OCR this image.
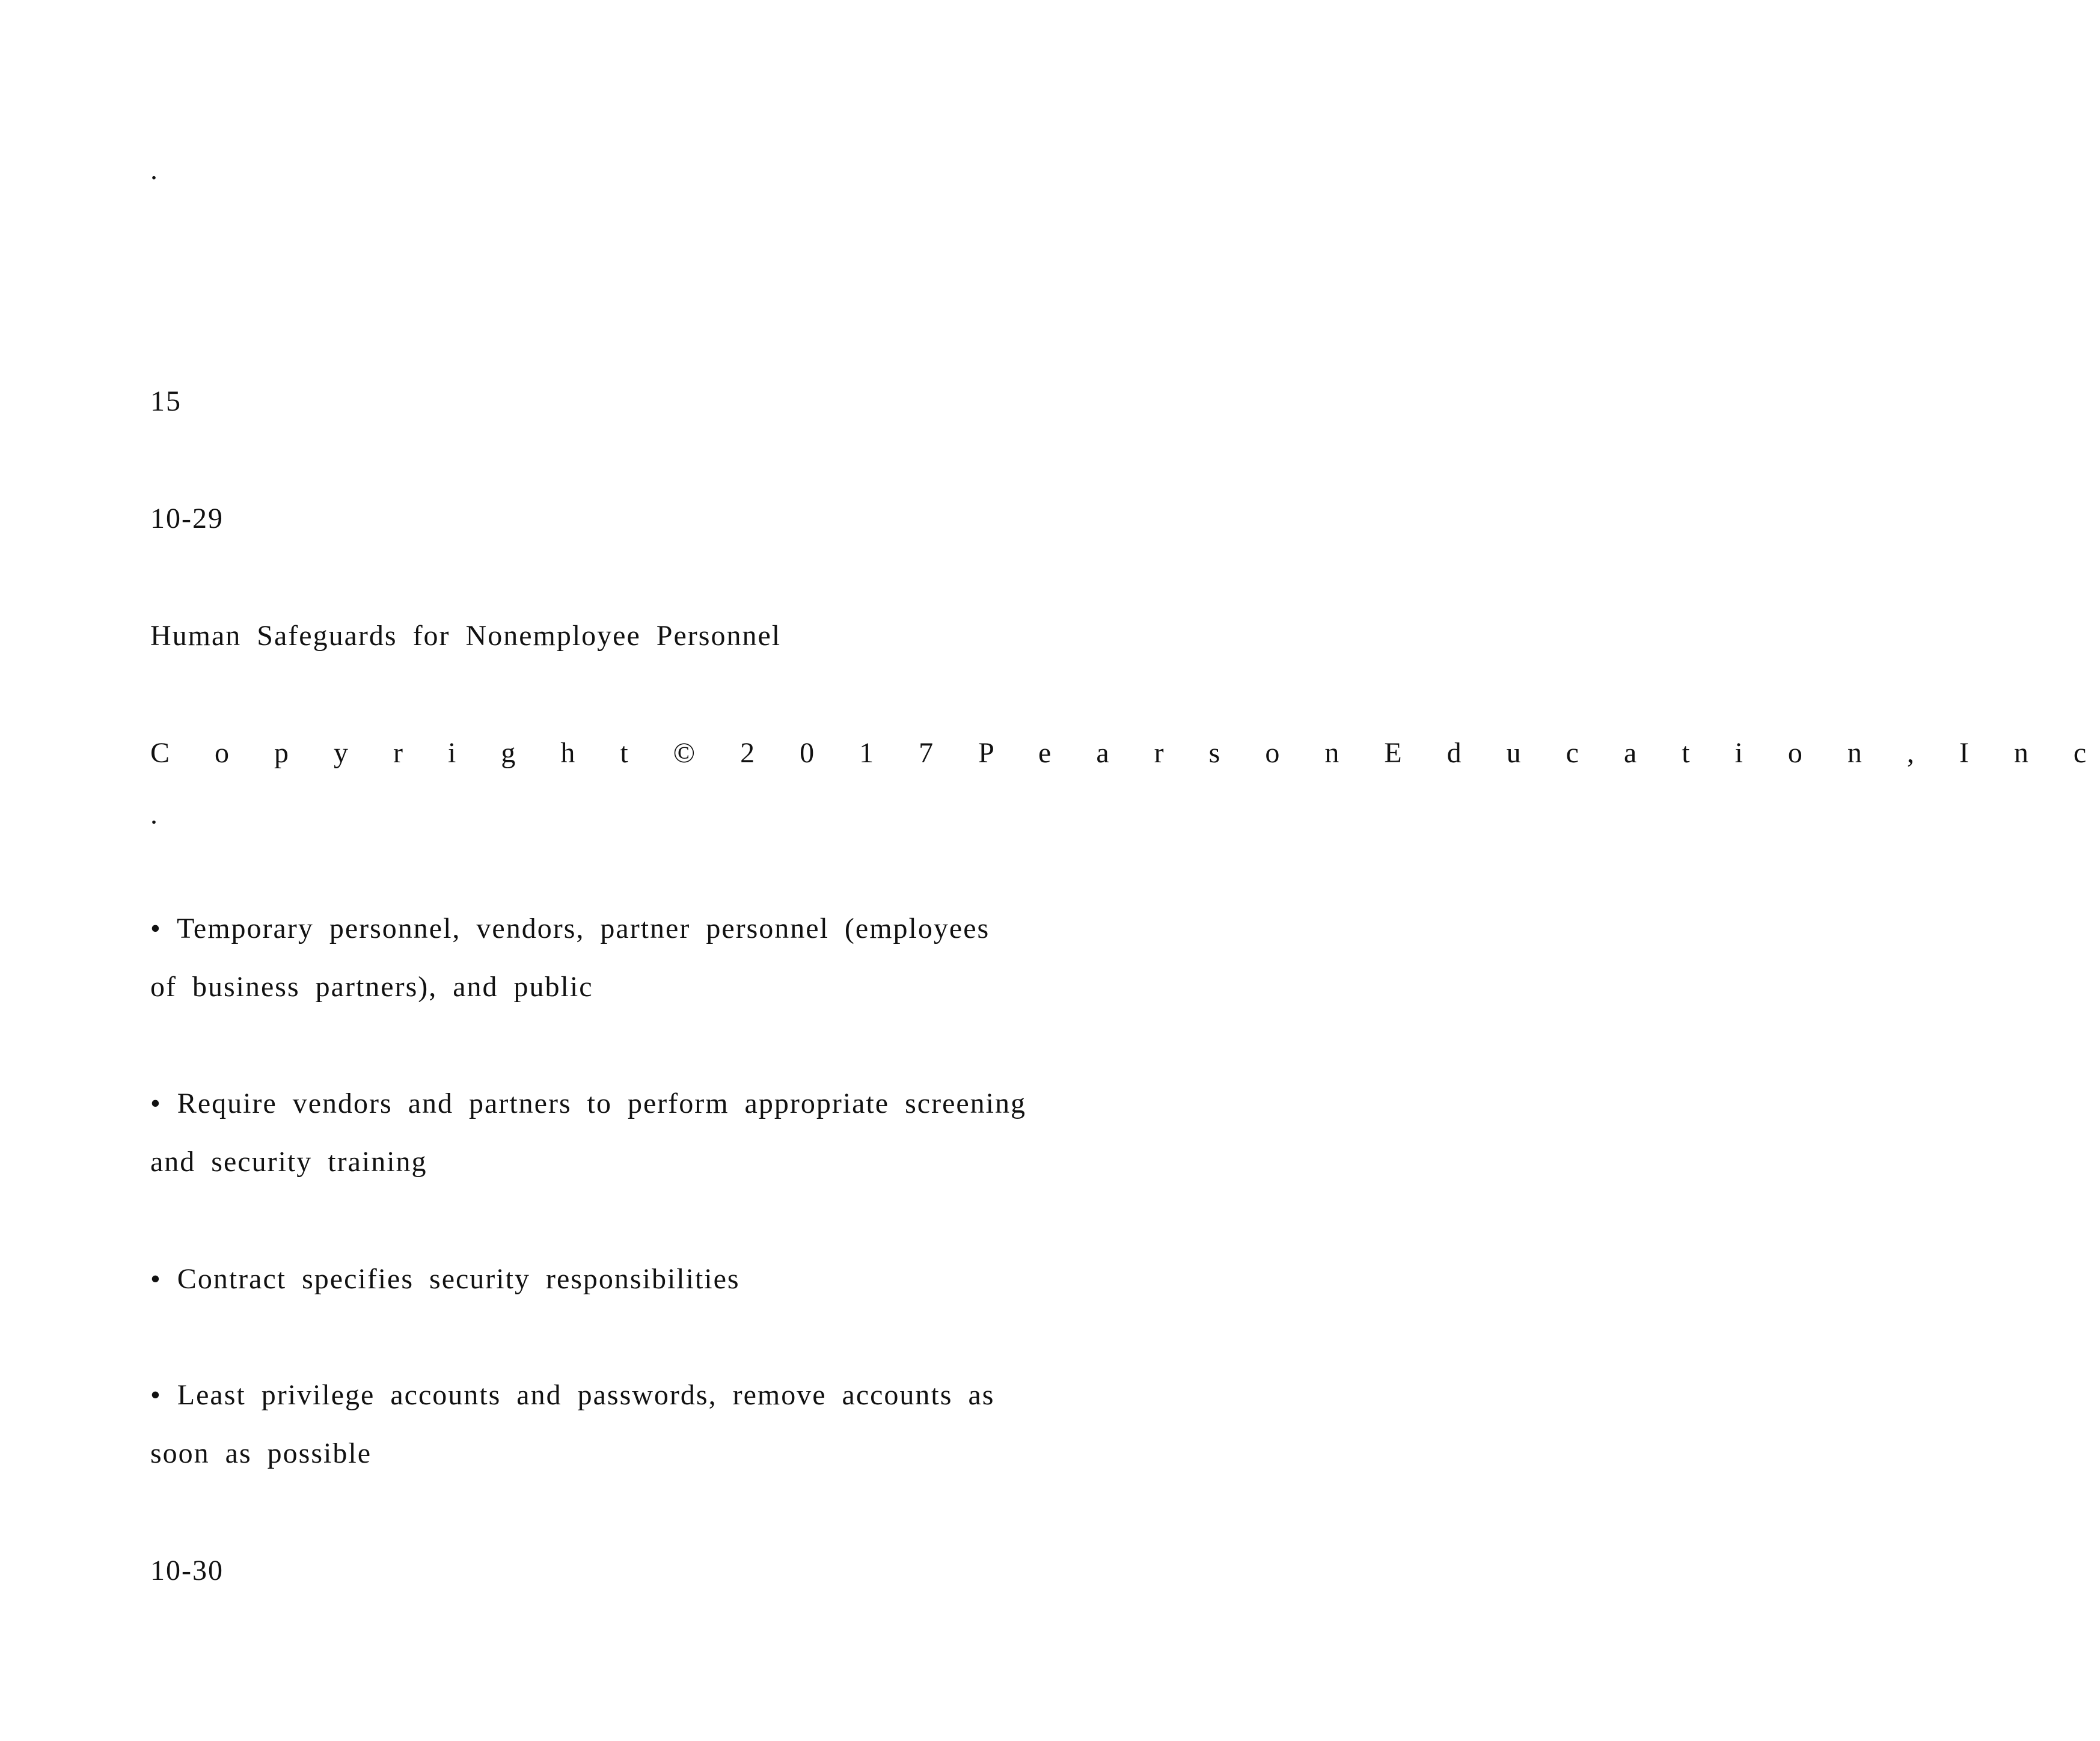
.
15
10-29
Human Safeguards for Nonemployee Personnel
C o p y r i g h t © 2 0 1 7 P e a r s o n E d u c a t i o n , I n c
.
• Temporary personnel, vendors, partner personnel (employees
of business partners), and public
• Require vendors and partners to perform appropriate screening
and security training
• Contract specifies security responsibilities
• Least privilege accounts and passwords, remove accounts as
soon as possible
10-30
